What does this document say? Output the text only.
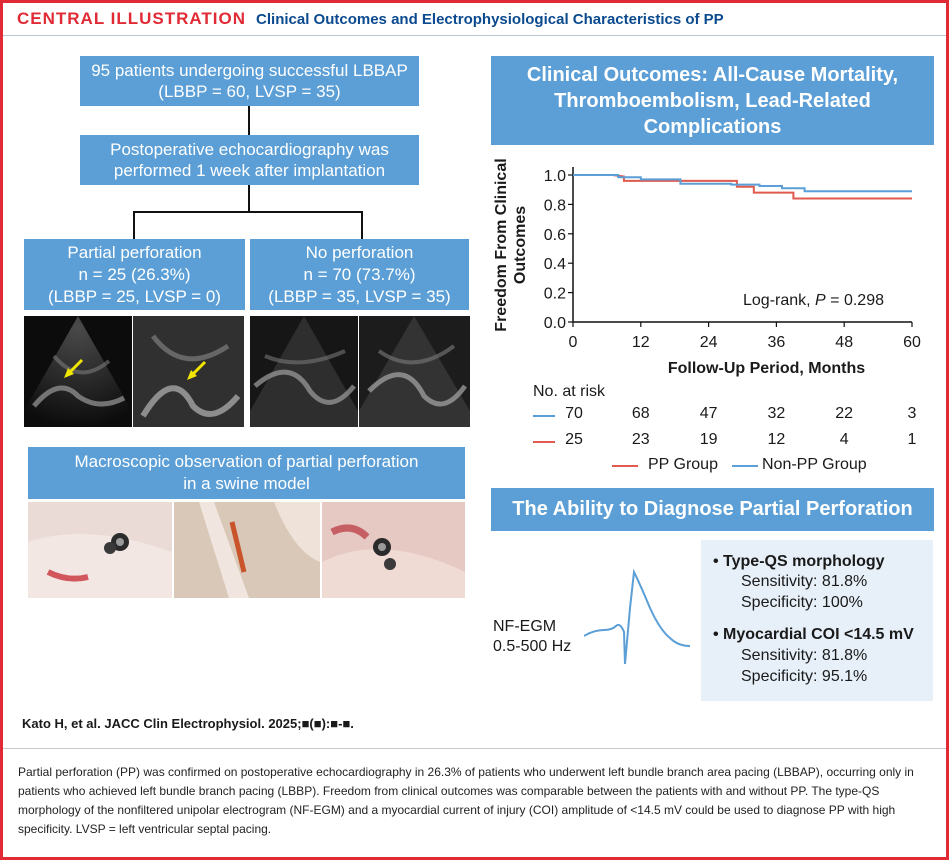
CENTRAL ILLUSTRATION Clinical Outcomes and Electrophysiological Characteristics of PP
95 patients undergoing successful LBBAP
(LBBP = 60, LVSP = 35)
Postoperative echocardiography was
performed 1 week after implantation
Partial perforation
n = 25 (26.3%)
(LBBP = 25, LVSP = 0)
No perforation
n = 70 (73.7%)
(LBBP = 35, LVSP = 35)
Macroscopic observation of partial perforation
in a swine model
Clinical Outcomes: All-Cause Mortality,
Thromboembolism, Lead-Related
Complications
0.0
0.2
0.4
0.6
0.8
1.0
0	12	24	36	48	60
Follow-Up Period, Months
Freedom From Clinical Outcomes
Log-rank, P = 0.298
No. at risk
70	68	47	32	22	3
25	23	19	12	4	1
PP Group	Non-PP Group
The Ability to Diagnose Partial Perforation
NF-EGM
0.5-500 Hz
• Type-QS morphology
Sensitivity: 81.8%
Specificity: 100%
• Myocardial COI <14.5 mV
Sensitivity: 81.8%
Specificity: 95.1%
Kato H, et al. JACC Clin Electrophysiol. 2025;■(■):■-■.
Partial perforation (PP) was confirmed on postoperative echocardiography in 26.3% of patients who underwent left bundle branch area pacing (LBBAP), occurring only in patients who achieved left bundle branch pacing (LBBP). Freedom from clinical outcomes was comparable between the patients with and without PP. The type-QS morphology of the nonfiltered unipolar electrogram (NF-EGM) and a myocardial current of injury (COI) amplitude of <14.5 mV could be used to diagnose PP with high specificity. LVSP = left ventricular septal pacing.
